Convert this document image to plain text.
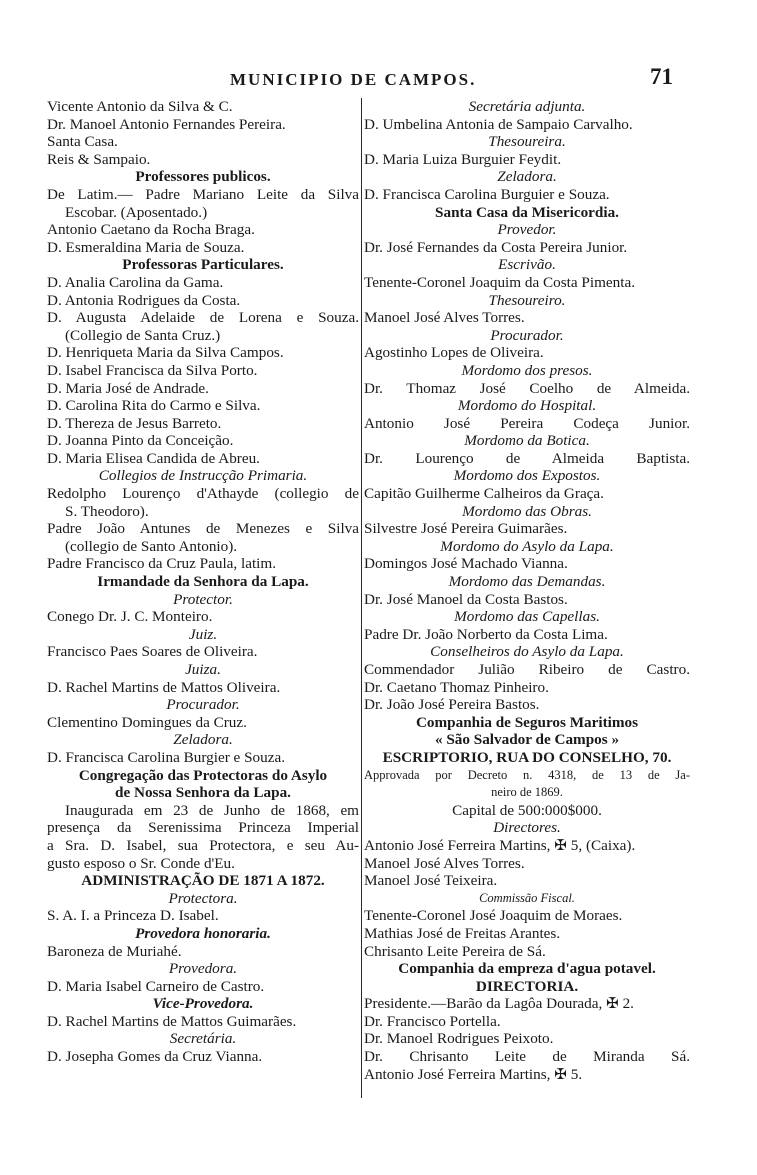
MUNICIPIO DE CAMPOS.	71
Vicente Antonio da Silva & C.
Dr. Manoel Antonio Fernandes Pereira.
Santa Casa.
Reis & Sampaio.
Professores publicos.
De Latim.— Padre Mariano Leite da Silva
Escobar. (Aposentado.)
Antonio Caetano da Rocha Braga.
D. Esmeraldina Maria de Souza.
Professoras Particulares.
D. Analia Carolina da Gama.
D. Antonia Rodrigues da Costa.
D. Augusta Adelaide de Lorena e Souza.
(Collegio de Santa Cruz.)
D. Henriqueta Maria da Silva Campos.
D. Isabel Francisca da Silva Porto.
D. Maria José de Andrade.
D. Carolina Rita do Carmo e Silva.
D. Thereza de Jesus Barreto.
D. Joanna Pinto da Conceição.
D. Maria Elisea Candida de Abreu.
Collegios de Instrucção Primaria.
Redolpho Lourenço d'Athayde (collegio de
S. Theodoro).
Padre João Antunes de Menezes e Silva
(collegio de Santo Antonio).
Padre Francisco da Cruz Paula, latim.
Irmandade da Senhora da Lapa.
Protector.
Conego Dr. J. C. Monteiro.
Juiz.
Francisco Paes Soares de Oliveira.
Juiza.
D. Rachel Martins de Mattos Oliveira.
Procurador.
Clementino Domingues da Cruz.
Zeladora.
D. Francisca Carolina Burgier e Souza.
Congregação das Protectoras do Asylo
de Nossa Senhora da Lapa.
Inaugurada em 23 de Junho de 1868, em
presença da Serenissima Princeza Imperial
a Sra. D. Isabel, sua Protectora, e seu Au-
gusto esposo o Sr. Conde d'Eu.
ADMINISTRAÇÃO DE 1871 A 1872.
Protectora.
S. A. I. a Princeza D. Isabel.
Provedora honoraria.
Baroneza de Muriahé.
Provedora.
D. Maria Isabel Carneiro de Castro.
Vice-Provedora.
D. Rachel Martins de Mattos Guimarães.
Secretária.
D. Josepha Gomes da Cruz Vianna.
Secretária adjunta.
D. Umbelina Antonia de Sampaio Carvalho.
Thesoureira.
D. Maria Luiza Burguier Feydit.
Zeladora.
D. Francisca Carolina Burguier e Souza.
Santa Casa da Misericordia.
Provedor.
Dr. José Fernandes da Costa Pereira Junior.
Escrivão.
Tenente-Coronel Joaquim da Costa Pimenta.
Thesoureiro.
Manoel José Alves Torres.
Procurador.
Agostinho Lopes de Oliveira.
Mordomo dos presos.
Dr. Thomaz José Coelho de Almeida.
Mordomo do Hospital.
Antonio José Pereira Codeça Junior.
Mordomo da Botica.
Dr. Lourenço de Almeida Baptista.
Mordomo dos Expostos.
Capitão Guilherme Calheiros da Graça.
Mordomo das Obras.
Silvestre José Pereira Guimarães.
Mordomo do Asylo da Lapa.
Domingos José Machado Vianna.
Mordomo das Demandas.
Dr. José Manoel da Costa Bastos.
Mordomo das Capellas.
Padre Dr. João Norberto da Costa Lima.
Conselheiros do Asylo da Lapa.
Commendador Julião Ribeiro de Castro.
Dr. Caetano Thomaz Pinheiro.
Dr. João José Pereira Bastos.
Companhia de Seguros Maritimos
« São Salvador de Campos »
ESCRIPTORIO, RUA DO CONSELHO, 70.
Approvada por Decreto n. 4318, de 13 de Ja-
neiro de 1869.
Capital de 500:000$000.
Directores.
Antonio José Ferreira Martins, ✠ 5, (Caixa).
Manoel José Alves Torres.
Manoel José Teixeira.
Commissão Fiscal.
Tenente-Coronel José Joaquim de Moraes.
Mathias José de Freitas Arantes.
Chrisanto Leite Pereira de Sá.
Companhia da empreza d'agua potavel.
DIRECTORIA.
Presidente.—Barão da Lagôa Dourada, ✠ 2.
Dr. Francisco Portella.
Dr. Manoel Rodrigues Peixoto.
Dr. Chrisanto Leite de Miranda Sá.
Antonio José Ferreira Martins, ✠ 5.
